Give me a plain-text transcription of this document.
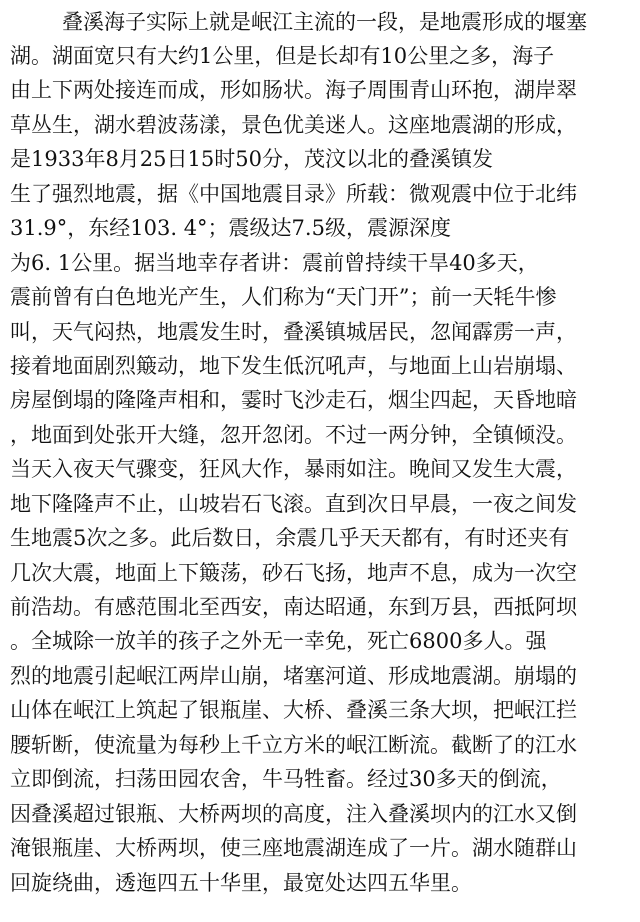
叠溪海子实际上就是岷江主流的一段，是地震形成的堰塞

湖。湖面宽只有大约1公里，但是长却有10公里之多，海子

由上下两处接连而成，形如肠状。海子周围青山环抱，湖岸翠

草丛生，湖水碧波荡漾，景色优美迷人。这座地震湖的形成，

是1933年8月25日15时50分，茂汶以北的叠溪镇发

生了强烈地震，据《中国地震目录》所载：微观震中位于北纬

31.9°，东经103. 4°；震级达7.5级，震源深度

为6. 1公里。据当地幸存者讲：震前曾持续干旱40多天，

震前曾有白色地光产生，人们称为“天门开”；前一天牦牛惨

叫，天气闷热，地震发生时，叠溪镇城居民，忽闻霹雳一声，

接着地面剧烈簸动，地下发生低沉吼声，与地面上山岩崩塌、

房屋倒塌的隆隆声相和，霎时飞沙走石，烟尘四起，天昏地暗

，地面到处张开大缝，忽开忽闭。不过一两分钟，全镇倾没。

当天入夜天气骤变，狂风大作，暴雨如注。晚间又发生大震，

地下隆隆声不止，山坡岩石飞滚。直到次日早晨，一夜之间发

生地震5次之多。此后数日，余震几乎天天都有，有时还夹有

几次大震，地面上下簸荡，砂石飞扬，地声不息，成为一次空

前浩劫。有感范围北至西安，南达昭通，东到万县，西抵阿坝

。全城除一放羊的孩子之外无一幸免，死亡6800多人。强

烈的地震引起岷江两岸山崩，堵塞河道、形成地震湖。崩塌的

山体在岷江上筑起了银瓶崖、大桥、叠溪三条大坝，把岷江拦

腰斩断，使流量为每秒上千立方米的岷江断流。截断了的江水

立即倒流，扫荡田园农舍，牛马牲畜。经过30多天的倒流，

因叠溪超过银瓶、大桥两坝的高度，注入叠溪坝内的江水又倒

淹银瓶崖、大桥两坝，使三座地震湖连成了一片。湖水随群山

回旋绕曲，透迤四五十华里，最宽处达四五华里。
